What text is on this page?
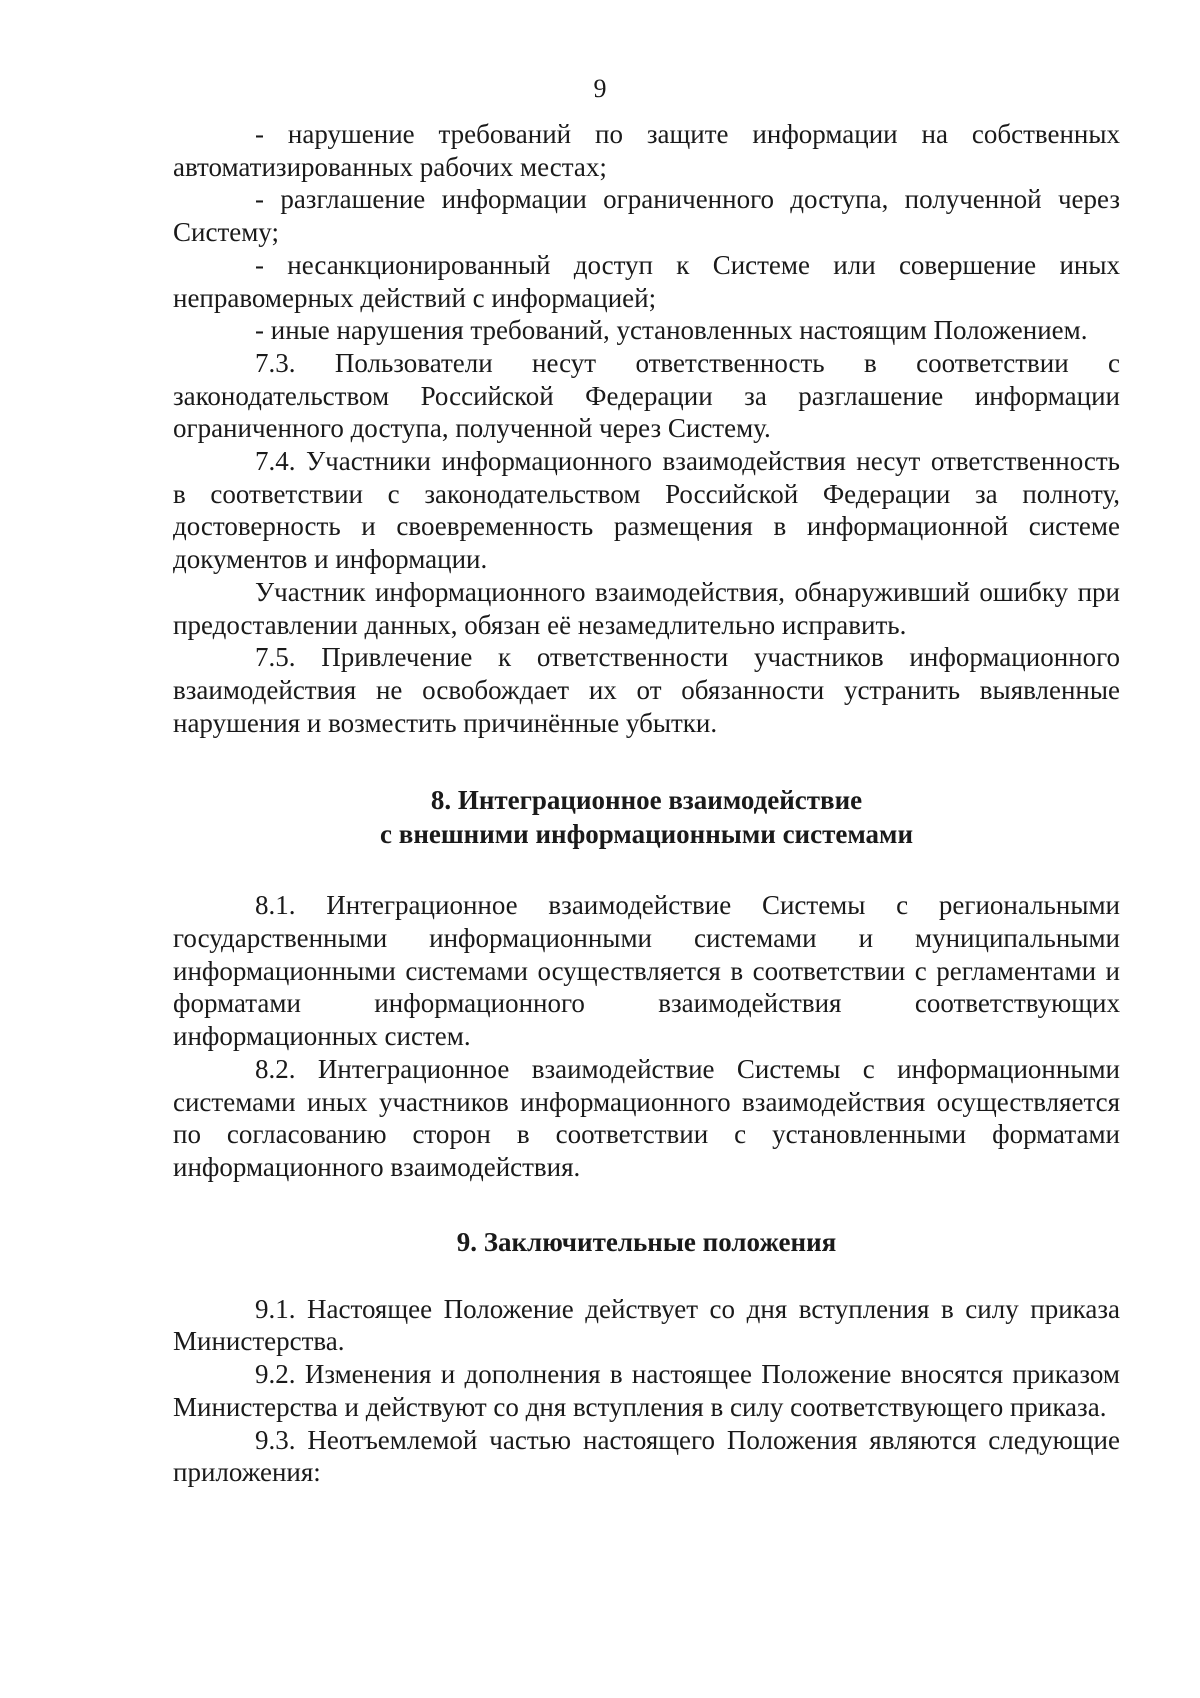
9

- нарушение требований по защите информации на собственных автоматизированных рабочих местах;

- разглашение информации ограниченного доступа, полученной через Систему;

- несанкционированный доступ к Системе или совершение иных неправомерных действий с информацией;

- иные нарушения требований, установленных настоящим Положением.

7.3. Пользователи несут ответственность в соответствии с законодательством Российской Федерации за разглашение информации ограниченного доступа, полученной через Систему.

7.4. Участники информационного взаимодействия несут ответственность в соответствии с законодательством Российской Федерации за полноту, достоверность и своевременность размещения в информационной системе документов и информации.

Участник информационного взаимодействия, обнаруживший ошибку при предоставлении данных, обязан её незамедлительно исправить.

7.5. Привлечение к ответственности участников информационного взаимодействия не освобождает их от обязанности устранить выявленные нарушения и возместить причинённые убытки.

8. Интеграционное взаимодействие

с внешними информационными системами

8.1. Интеграционное взаимодействие Системы с региональными государственными информационными системами и муниципальными информационными системами осуществляется в соответствии с регламентами и форматами информационного взаимодействия соответствующих информационных систем.

8.2. Интеграционное взаимодействие Системы с информационными системами иных участников информационного взаимодействия осуществляется по согласованию сторон в соответствии с установленными форматами информационного взаимодействия.

9. Заключительные положения

9.1. Настоящее Положение действует со дня вступления в силу приказа Министерства.

9.2. Изменения и дополнения в настоящее Положение вносятся приказом Министерства и действуют со дня вступления в силу соответствующего приказа.

9.3. Неотъемлемой частью настоящего Положения являются следующие приложения:
